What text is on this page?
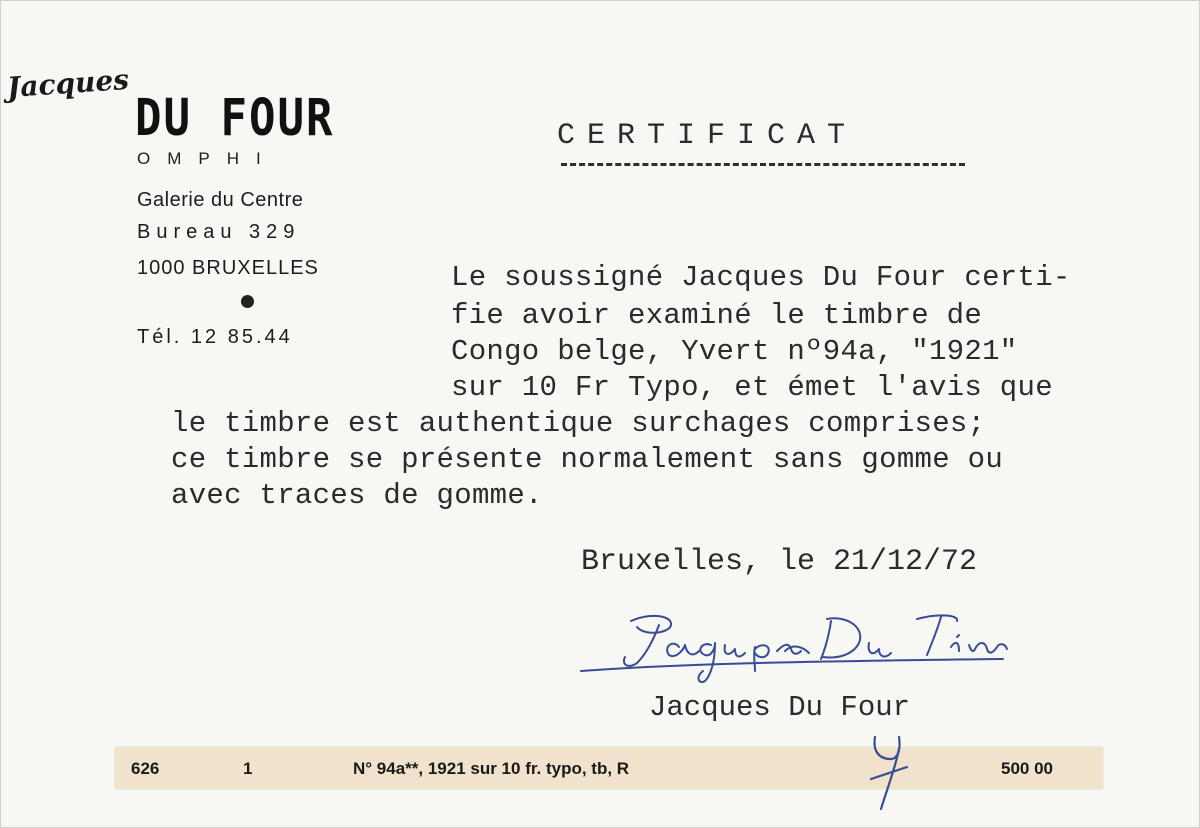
Jacques
DU FOUR
OMPHI
Galerie du Centre
Bureau 329
1000 BRUXELLES
Tél. 12 85.44
CERTIFICAT
Le soussigné Jacques Du Four certi-
fie avoir examiné le timbre de
Congo belge, Yvert nº94a, "1921"
sur 10 Fr Typo, et émet l'avis que
le timbre est authentique surchages comprises;
ce timbre se présente normalement sans gomme ou
avec traces de gomme.
Bruxelles, le 21/12/72
Jacques Du Four
626	1	N° 94a**, 1921 sur 10 fr. typo, tb, R	500 00
